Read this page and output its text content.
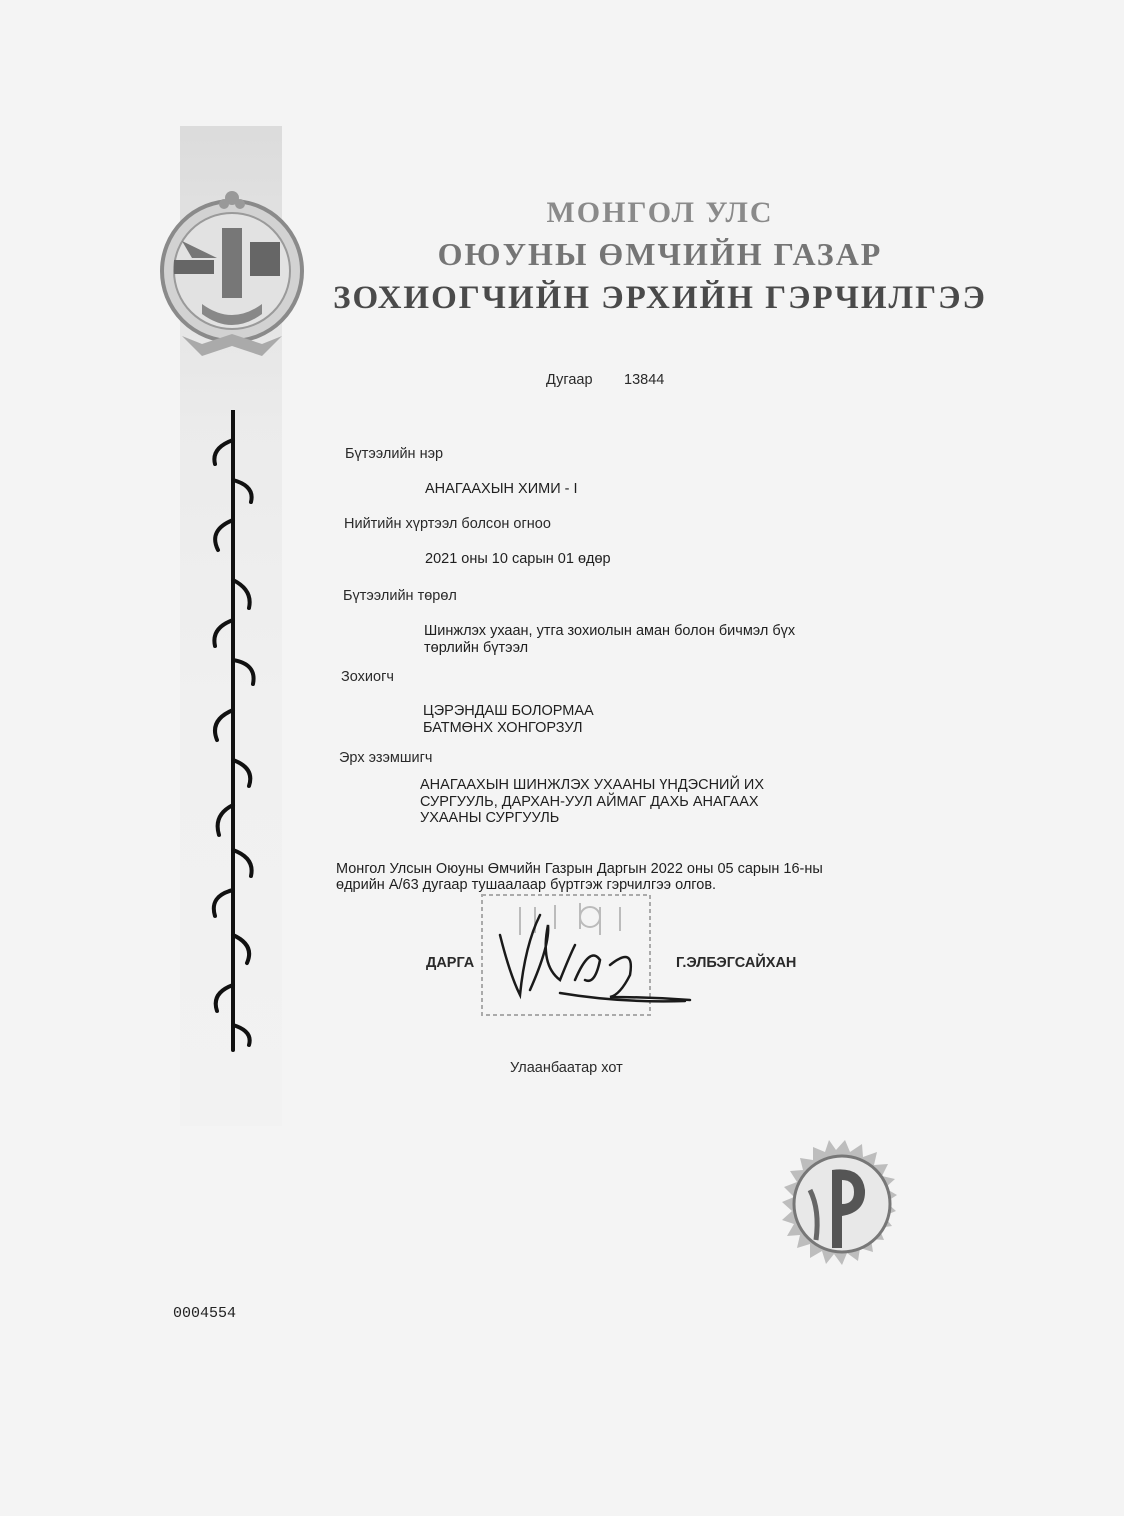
МОНГОЛ УЛС
ОЮУНЫ ӨМЧИЙН ГАЗАР
ЗОХИОГЧИЙН ЭРХИЙН ГЭРЧИЛГЭЭ
Дугаар 13844
Бүтээлийн нэр
АНАГААХЫН ХИМИ - I
Нийтийн хүртээл болсон огноо
2021 оны 10 сарын 01 өдөр
Бүтээлийн төрөл
Шинжлэх ухаан, утга зохиолын аман болон бичмэл бүх
төрлийн бүтээл
Зохиогч
ЦЭРЭНДАШ БОЛОРМАА
БАТМӨНХ ХОНГОРЗУЛ
Эрх эзэмшигч
АНАГААХЫН ШИНЖЛЭХ УХААНЫ ҮНДЭСНИЙ ИХ
СУРГУУЛЬ, ДАРХАН-УУЛ АЙМАГ ДАХЬ АНАГААХ
УХААНЫ СУРГУУЛЬ
Монгол Улсын Оюуны Өмчийн Газрын Даргын 2022 оны 05 сарын 16-ны
өдрийн А/63 дугаар тушаалаар бүртгэж гэрчилгээ олгов.
ДАРГА	Г.ЭЛБЭГСАЙХАН
Улаанбаатар хот
0004554
